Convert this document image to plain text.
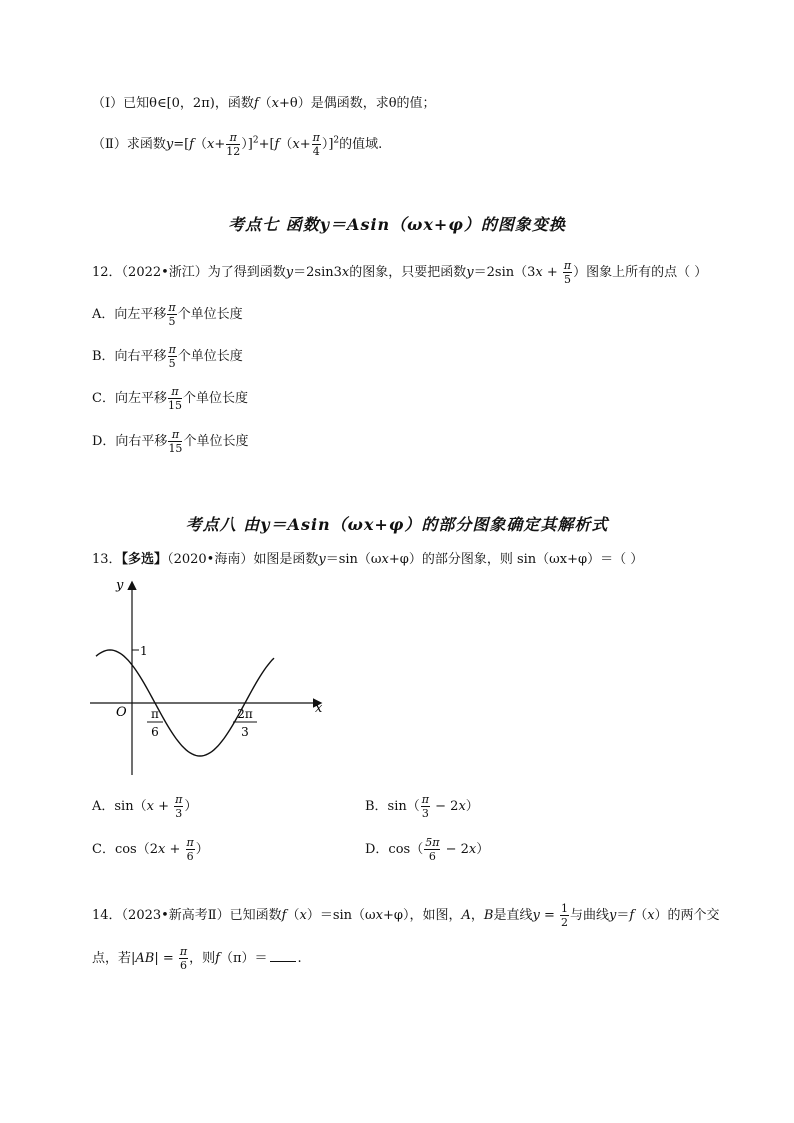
（Ⅰ）已知θ∈[0，2π)，函数f（x+θ）是偶函数，求θ的值；
（Ⅱ）求函数$y=[f(x+ \frac{\pi}{12} )]^2+[f(x+ \frac{\pi}{4} )]^2$的值域.
考点七 函数y＝Asin（ωx+φ）的图象变换
12．（2022•浙江）为了得到函数y＝2sin3x的图象，只要把函数$y=2\sin(3x + \frac{\pi}{5}$ ）图象上所有的点（ ）
A．向左平移 $\frac{\pi}{5}$ 个单位长度
B．向右平移 $\frac{\pi}{5}$ 个单位长度
C．向左平移 $\frac{\pi}{15}$ 个单位长度
D．向右平移 $\frac{\pi}{15}$ 个单位长度
考点八 由y＝Asin（ωx+φ）的部分图象确定其解析式
13．【多选】（2020•海南）如图是函数y＝sin（ωx+φ）的部分图象，则 sin（ωx+φ）＝（ ）
y
x
O
1
π
6
2π
3
A．$\sin(x + \frac{\pi}{3}$ ）	B．$\sin( \frac{\pi}{3} - 2x)$
C．$\cos(2x + \frac{\pi}{6}$ ）	D．$\cos( \frac{5\pi}{6} - 2x)$
14．（2023•新高考Ⅱ）已知函数f（x）＝sin（ωx+φ），如图，A，B是直线$y = \frac{1}{2}$ 与曲线y＝f（x）的两个交
点，若$|AB| = \frac{\pi}{6}$ ，则f（π）＝ .
